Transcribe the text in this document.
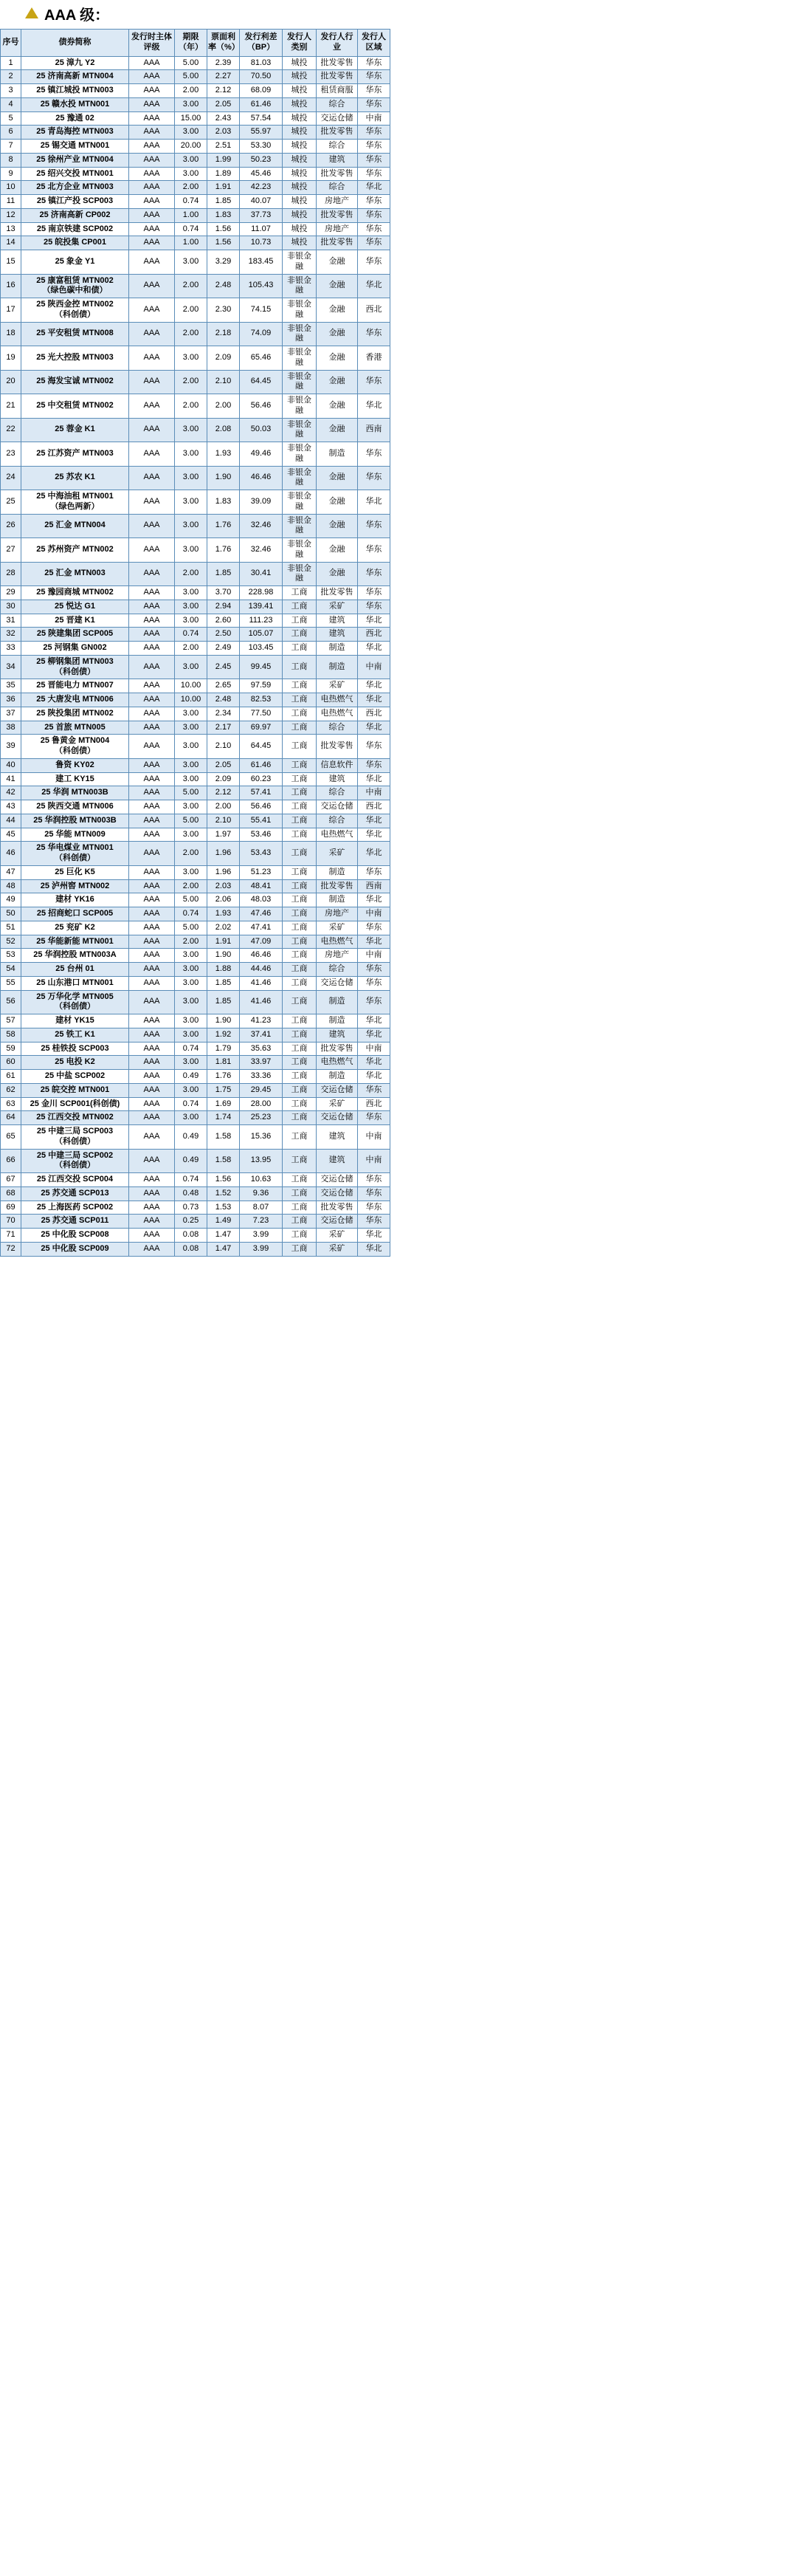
AAA 级：
序号	债券简称	发行时主体评级	期限（年）	票面利率（%）	发行利差（BP）	发行人类别	发行人行业	发行人区域
1	25 漳九 Y2	AAA	5.00	2.39	81.03	城投	批发零售	华东
2	25 济南高新 MTN004	AAA	5.00	2.27	70.50	城投	批发零售	华东
3	25 镇江城投 MTN003	AAA	2.00	2.12	68.09	城投	租赁商服	华东
4	25 赣水投 MTN001	AAA	3.00	2.05	61.46	城投	综合	华东
5	25 豫通 02	AAA	15.00	2.43	57.54	城投	交运仓储	中南
6	25 青岛海控 MTN003	AAA	3.00	2.03	55.97	城投	批发零售	华东
7	25 锡交通 MTN001	AAA	20.00	2.51	53.30	城投	综合	华东
8	25 徐州产业 MTN004	AAA	3.00	1.99	50.23	城投	建筑	华东
9	25 绍兴交投 MTN001	AAA	3.00	1.89	45.46	城投	批发零售	华东
10	25 北方企业 MTN003	AAA	2.00	1.91	42.23	城投	综合	华北
11	25 镇江产投 SCP003	AAA	0.74	1.85	40.07	城投	房地产	华东
12	25 济南高新 CP002	AAA	1.00	1.83	37.73	城投	批发零售	华东
13	25 南京铁建 SCP002	AAA	0.74	1.56	11.07	城投	房地产	华东
14	25 皖投集 CP001	AAA	1.00	1.56	10.73	城投	批发零售	华东
15	25 象金 Y1	AAA	3.00	3.29	183.45	非银金融	金融	华东
16	25 康富租赁 MTN002
（绿色碳中和债）	AAA	2.00	2.48	105.43	非银金融	金融	华北
17	25 陕西金控 MTN002
（科创债）	AAA	2.00	2.30	74.15	非银金融	金融	西北
18	25 平安租赁 MTN008	AAA	2.00	2.18	74.09	非银金融	金融	华东
19	25 光大控股 MTN003	AAA	3.00	2.09	65.46	非银金融	金融	香港
20	25 海发宝诚 MTN002	AAA	2.00	2.10	64.45	非银金融	金融	华东
21	25 中交租赁 MTN002	AAA	2.00	2.00	56.46	非银金融	金融	华北
22	25 蓉金 K1	AAA	3.00	2.08	50.03	非银金融	金融	西南
23	25 江苏资产 MTN003	AAA	3.00	1.93	49.46	非银金融	制造	华东
24	25 苏农 K1	AAA	3.00	1.90	46.46	非银金融	金融	华东
25	25 中海油租 MTN001
（绿色两新）	AAA	3.00	1.83	39.09	非银金融	金融	华北
26	25 汇金 MTN004	AAA	3.00	1.76	32.46	非银金融	金融	华东
27	25 苏州资产 MTN002	AAA	3.00	1.76	32.46	非银金融	金融	华东
28	25 汇金 MTN003	AAA	2.00	1.85	30.41	非银金融	金融	华东
29	25 豫园商城 MTN002	AAA	3.00	3.70	228.98	工商	批发零售	华东
30	25 悦达 G1	AAA	3.00	2.94	139.41	工商	采矿	华东
31	25 晋建 K1	AAA	3.00	2.60	111.23	工商	建筑	华北
32	25 陕建集团 SCP005	AAA	0.74	2.50	105.07	工商	建筑	西北
33	25 河钢集 GN002	AAA	2.00	2.49	103.45	工商	制造	华北
34	25 柳钢集团 MTN003
（科创债）	AAA	3.00	2.45	99.45	工商	制造	中南
35	25 晋能电力 MTN007	AAA	10.00	2.65	97.59	工商	采矿	华北
36	25 大唐发电 MTN006	AAA	10.00	2.48	82.53	工商	电热燃气	华北
37	25 陕投集团 MTN002	AAA	3.00	2.34	77.50	工商	电热燃气	西北
38	25 首旅 MTN005	AAA	3.00	2.17	69.97	工商	综合	华北
39	25 鲁黄金 MTN004
（科创债）	AAA	3.00	2.10	64.45	工商	批发零售	华东
40	鲁资 KY02	AAA	3.00	2.05	61.46	工商	信息软件	华东
41	建工 KY15	AAA	3.00	2.09	60.23	工商	建筑	华北
42	25 华润 MTN003B	AAA	5.00	2.12	57.41	工商	综合	中南
43	25 陕西交通 MTN006	AAA	3.00	2.00	56.46	工商	交运仓储	西北
44	25 华润控股 MTN003B	AAA	5.00	2.10	55.41	工商	综合	华北
45	25 华能 MTN009	AAA	3.00	1.97	53.46	工商	电热燃气	华北
46	25 华电煤业 MTN001
（科创债）	AAA	2.00	1.96	53.43	工商	采矿	华北
47	25 巨化 K5	AAA	3.00	1.96	51.23	工商	制造	华东
48	25 泸州窖 MTN002	AAA	2.00	2.03	48.41	工商	批发零售	西南
49	建材 YK16	AAA	5.00	2.06	48.03	工商	制造	华北
50	25 招商蛇口 SCP005	AAA	0.74	1.93	47.46	工商	房地产	中南
51	25 兖矿 K2	AAA	5.00	2.02	47.41	工商	采矿	华东
52	25 华能新能 MTN001	AAA	2.00	1.91	47.09	工商	电热燃气	华北
53	25 华润控股 MTN003A	AAA	3.00	1.90	46.46	工商	房地产	中南
54	25 台州 01	AAA	3.00	1.88	44.46	工商	综合	华东
55	25 山东港口 MTN001	AAA	3.00	1.85	41.46	工商	交运仓储	华东
56	25 万华化学 MTN005
（科创债）	AAA	3.00	1.85	41.46	工商	制造	华东
57	建材 YK15	AAA	3.00	1.90	41.23	工商	制造	华北
58	25 铁工 K1	AAA	3.00	1.92	37.41	工商	建筑	华北
59	25 桂铁投 SCP003	AAA	0.74	1.79	35.63	工商	批发零售	中南
60	25 电投 K2	AAA	3.00	1.81	33.97	工商	电热燃气	华北
61	25 中盐 SCP002	AAA	0.49	1.76	33.36	工商	制造	华北
62	25 皖交控 MTN001	AAA	3.00	1.75	29.45	工商	交运仓储	华东
63	25 金川 SCP001(科创债)	AAA	0.74	1.69	28.00	工商	采矿	西北
64	25 江西交投 MTN002	AAA	3.00	1.74	25.23	工商	交运仓储	华东
65	25 中建三局 SCP003
（科创债）	AAA	0.49	1.58	15.36	工商	建筑	中南
66	25 中建三局 SCP002
（科创债）	AAA	0.49	1.58	13.95	工商	建筑	中南
67	25 江西交投 SCP004	AAA	0.74	1.56	10.63	工商	交运仓储	华东
68	25 苏交通 SCP013	AAA	0.48	1.52	9.36	工商	交运仓储	华东
69	25 上海医药 SCP002	AAA	0.73	1.53	8.07	工商	批发零售	华东
70	25 苏交通 SCP011	AAA	0.25	1.49	7.23	工商	交运仓储	华东
71	25 中化股 SCP008	AAA	0.08	1.47	3.99	工商	采矿	华北
72	25 中化股 SCP009	AAA	0.08	1.47	3.99	工商	采矿	华北
